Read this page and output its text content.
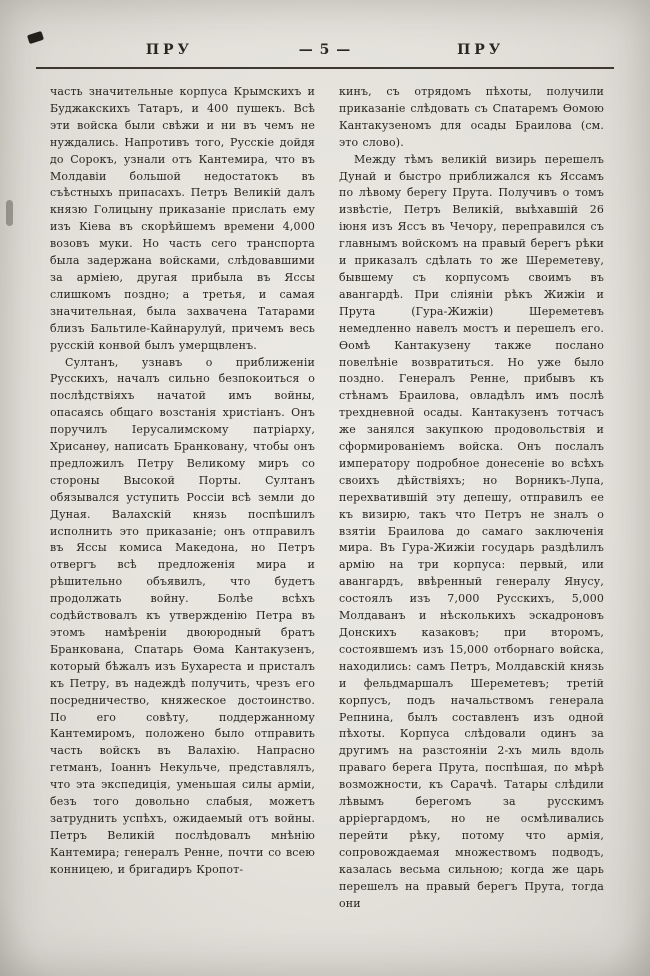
ПРУ	— 5 —	ПРУ

часть значительные корпуса Крымскихъ и Буджакскихъ Татаръ, и 400 пушекъ. Всѣ эти войска были свѣжи и ни въ чемъ не нуждались. Напротивъ того, Русскіе дойдя до Сорокъ, узнали отъ Кантемира, что въ Молдавіи большой недостатокъ въ съѣстныхъ припасахъ. Петръ Великій далъ князю Голицыну приказаніе прислать ему изъ Кіева въ скорѣйшемъ времени 4,000 возовъ муки. Но часть сего транспорта была задержана войсками, слѣдовавшими за арміею, другая прибыла въ Яссы слишкомъ поздно; а третья, и самая значительная, была захвачена Татарами близъ Бальтиле-Кайнарулуй, причемъ весь русскій конвой былъ умерщвленъ.

Султанъ, узнавъ о приближеніи Русскихъ, началъ сильно безпокоиться о послѣдствіяхъ начатой имъ войны, опасаясь общаго возстанія христіанъ. Онъ поручилъ Іерусалимскому патріарху, Хрисанѳу, написать Бранковану, чтобы онъ предложилъ Петру Великому миръ со стороны Высокой Порты. Султанъ обязывался уступить Россіи всѣ земли до Дуная. Валахскій князь поспѣшилъ исполнить это приказаніе; онъ отправилъ въ Яссы комиса Македона, но Петръ отвергъ всѣ предложенія мира и рѣшительно объявилъ, что будетъ продолжать войну. Болѣе всѣхъ содѣйствовалъ къ утвержденію Петра въ этомъ намѣреніи двоюродный братъ Бранкована, Спатарь Ѳома Кантакузенъ, который бѣжалъ изъ Бухареста и присталъ къ Петру, въ надеждѣ получить, чрезъ его посредничество, княжеское достоинство. По его совѣту, поддержанному Кантемиромъ, положено было отправить часть войскъ въ Валахію. Напрасно гетманъ, Іоаннъ Некульче, представлялъ, что эта экспедиція, уменьшая силы арміи, безъ того довольно слабыя, можетъ затруднить успѣхъ, ожидаемый отъ войны. Петръ Великій послѣдовалъ мнѣнію Кантемира; генералъ Ренне, почти со всею конницею, и бригадиръ Кропот-

кинъ, съ отрядомъ пѣхоты, получили приказаніе слѣдовать съ Спатаремъ Ѳомою Кантакузеномъ для осады Браилова (см. это слово).

Между тѣмъ великій визирь перешелъ Дунай и быстро приближался къ Яссамъ по лѣвому берегу Прута. Получивъ о томъ извѣстіе, Петръ Великій, выѣхавшій 26 іюня изъ Яссъ въ Чечору, переправился съ главнымъ войскомъ на правый берегъ рѣки и приказалъ сдѣлать то же Шереметеву, бывшему съ корпусомъ своимъ въ авангардѣ. При сліяніи рѣкъ Жижіи и Прута (Гура-Жижіи) Шереметевъ немедленно навелъ мостъ и перешелъ его. Ѳомѣ Кантакузену также послано повелѣніе возвратиться. Но уже было поздно. Генералъ Ренне, прибывъ къ стѣнамъ Браилова, овладѣлъ имъ послѣ трехдневной осады. Кантакузенъ тотчасъ же занялся закупкою продовольствія и сформированіемъ войска. Онъ послалъ императору подробное донесеніе во всѣхъ своихъ дѣйствіяхъ; но Ворникъ-Лупа, перехватившій эту депешу, отправилъ ее къ визирю, такъ что Петръ не зналъ о взятіи Браилова до самаго заключенія мира. Въ Гура-Жижіи государь раздѣлилъ армію на три корпуса: первый, или авангардъ, ввѣренный генералу Янусу, состоялъ изъ 7,000 Русскихъ, 5,000 Молдаванъ и нѣсколькихъ эскадроновъ Донскихъ казаковъ; при второмъ, состоявшемъ изъ 15,000 отборнаго войска, находились: самъ Петръ, Молдавскій князь и фельдмаршалъ Шереметевъ; третій корпусъ, подъ начальствомъ генерала Репнина, былъ составленъ изъ одной пѣхоты. Корпуса слѣдовали одинъ за другимъ на разстояніи 2-хъ миль вдоль праваго берега Прута, поспѣшая, по мѣрѣ возможности, къ Сарачѣ. Татары слѣдили лѣвымъ берегомъ за русскимъ арріергардомъ, но не осмѣливались перейти рѣку, потому что армія, сопровождаемая множествомъ подводъ, казалась весьма сильною; когда же царь перешелъ на правый берегъ Прута, тогда они
